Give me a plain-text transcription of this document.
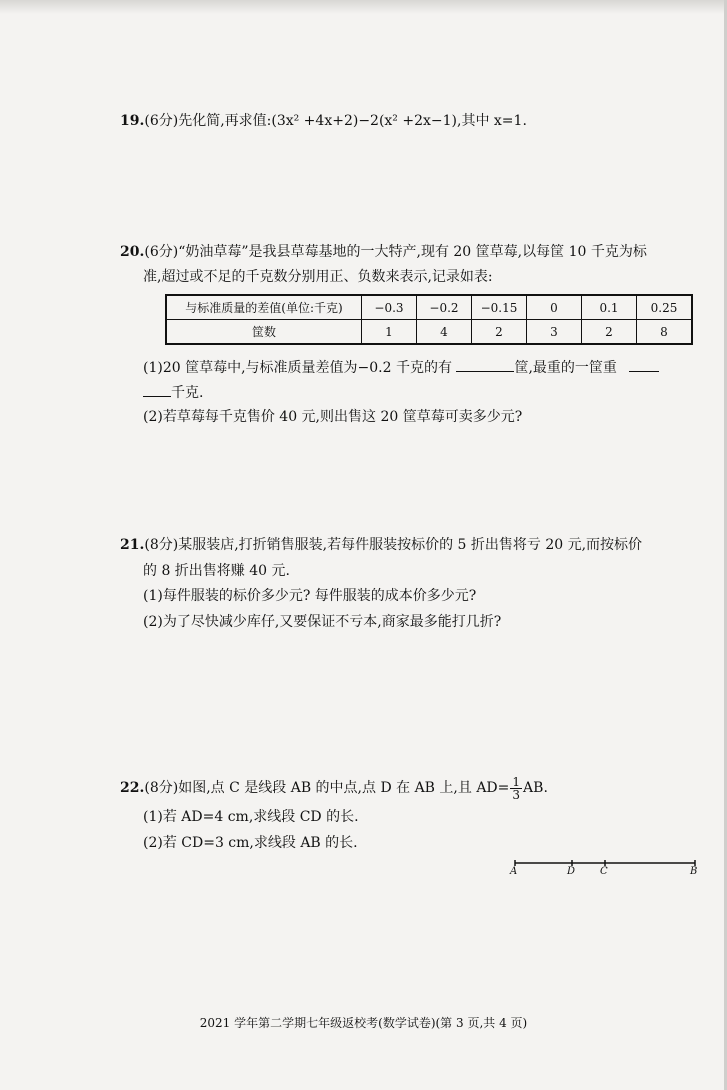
19.(6分)先化简,再求值:(3x² +4x+2)−2(x² +2x−1),其中 x=1.
20.(6分)“奶油草莓”是我县草莓基地的一大特产,现有 20 筐草莓,以每筐 10 千克为标
准,超过或不足的千克数分别用正、负数来表示,记录如表:
与标准质量的差值(单位:千克)	−0.3	−0.2	−0.15	0	0.1	0.25
筐数	1	4	2	3	2	8
(1)20 筐草莓中,与标准质量差值为−0.2 千克的有	筐,最重的一筐重
千克.
(2)若草莓每千克售价 40 元,则出售这 20 筐草莓可卖多少元?
21.(8分)某服装店,打折销售服装,若每件服装按标价的 5 折出售将亏 20 元,而按标价
的 8 折出售将赚 40 元.
(1)每件服装的标价多少元? 每件服装的成本价多少元?
(2)为了尽快减少库仔,又要保证不亏本,商家最多能打几折?
22.(8分)如图,点 C 是线段 AB 的中点,点 D 在 AB 上,且 $AD= \frac{1}{3}$ AB.
(1)若 AD=4 cm,求线段 CD 的长.
(2)若 CD=3 cm,求线段 AB 的长.
A	D C	B
2021 学年第二学期七年级返校考(数学试卷)(第 3 页,共 4 页)
